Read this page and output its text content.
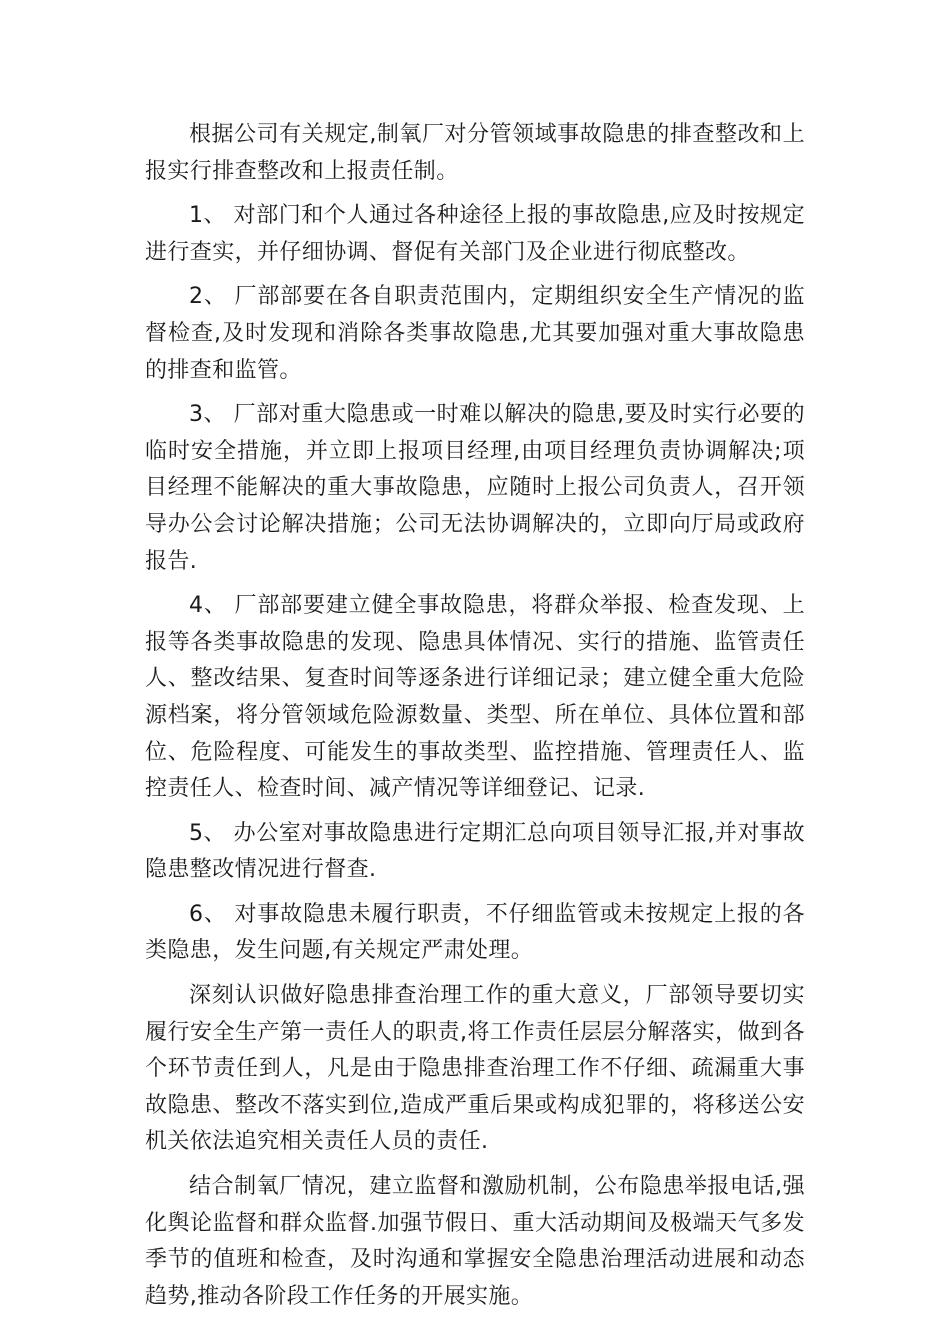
根据公司有关规定,制氧厂对分管领域事故隐患的排查整改和上报实行排查整改和上报责任制。

1、 对部门和个人通过各种途径上报的事故隐患,应及时按规定进行查实，并仔细协调、督促有关部门及企业进行彻底整改。

2、 厂部部要在各自职责范围内，定期组织安全生产情况的监督检查,及时发现和消除各类事故隐患,尤其要加强对重大事故隐患的排查和监管。

3、 厂部对重大隐患或一时难以解决的隐患,要及时实行必要的临时安全措施，并立即上报项目经理,由项目经理负责协调解决;项目经理不能解决的重大事故隐患，应随时上报公司负责人，召开领导办公会讨论解决措施；公司无法协调解决的，立即向厅局或政府报告.

4、 厂部部要建立健全事故隐患，将群众举报、检查发现、上报等各类事故隐患的发现、隐患具体情况、实行的措施、监管责任人、整改结果、复查时间等逐条进行详细记录；建立健全重大危险源档案，将分管领域危险源数量、类型、所在单位、具体位置和部位、危险程度、可能发生的事故类型、监控措施、管理责任人、监控责任人、检查时间、减产情况等详细登记、记录.

5、 办公室对事故隐患进行定期汇总向项目领导汇报,并对事故隐患整改情况进行督查.

6、 对事故隐患未履行职责，不仔细监管或未按规定上报的各类隐患，发生问题,有关规定严肃处理。

深刻认识做好隐患排查治理工作的重大意义，厂部领导要切实履行安全生产第一责任人的职责,将工作责任层层分解落实，做到各个环节责任到人，凡是由于隐患排查治理工作不仔细、疏漏重大事故隐患、整改不落实到位,造成严重后果或构成犯罪的，将移送公安机关依法追究相关责任人员的责任.

结合制氧厂情况，建立监督和激励机制，公布隐患举报电话,强化舆论监督和群众监督.加强节假日、重大活动期间及极端天气多发季节的值班和检查，及时沟通和掌握安全隐患治理活动进展和动态趋势,推动各阶段工作任务的开展实施。
